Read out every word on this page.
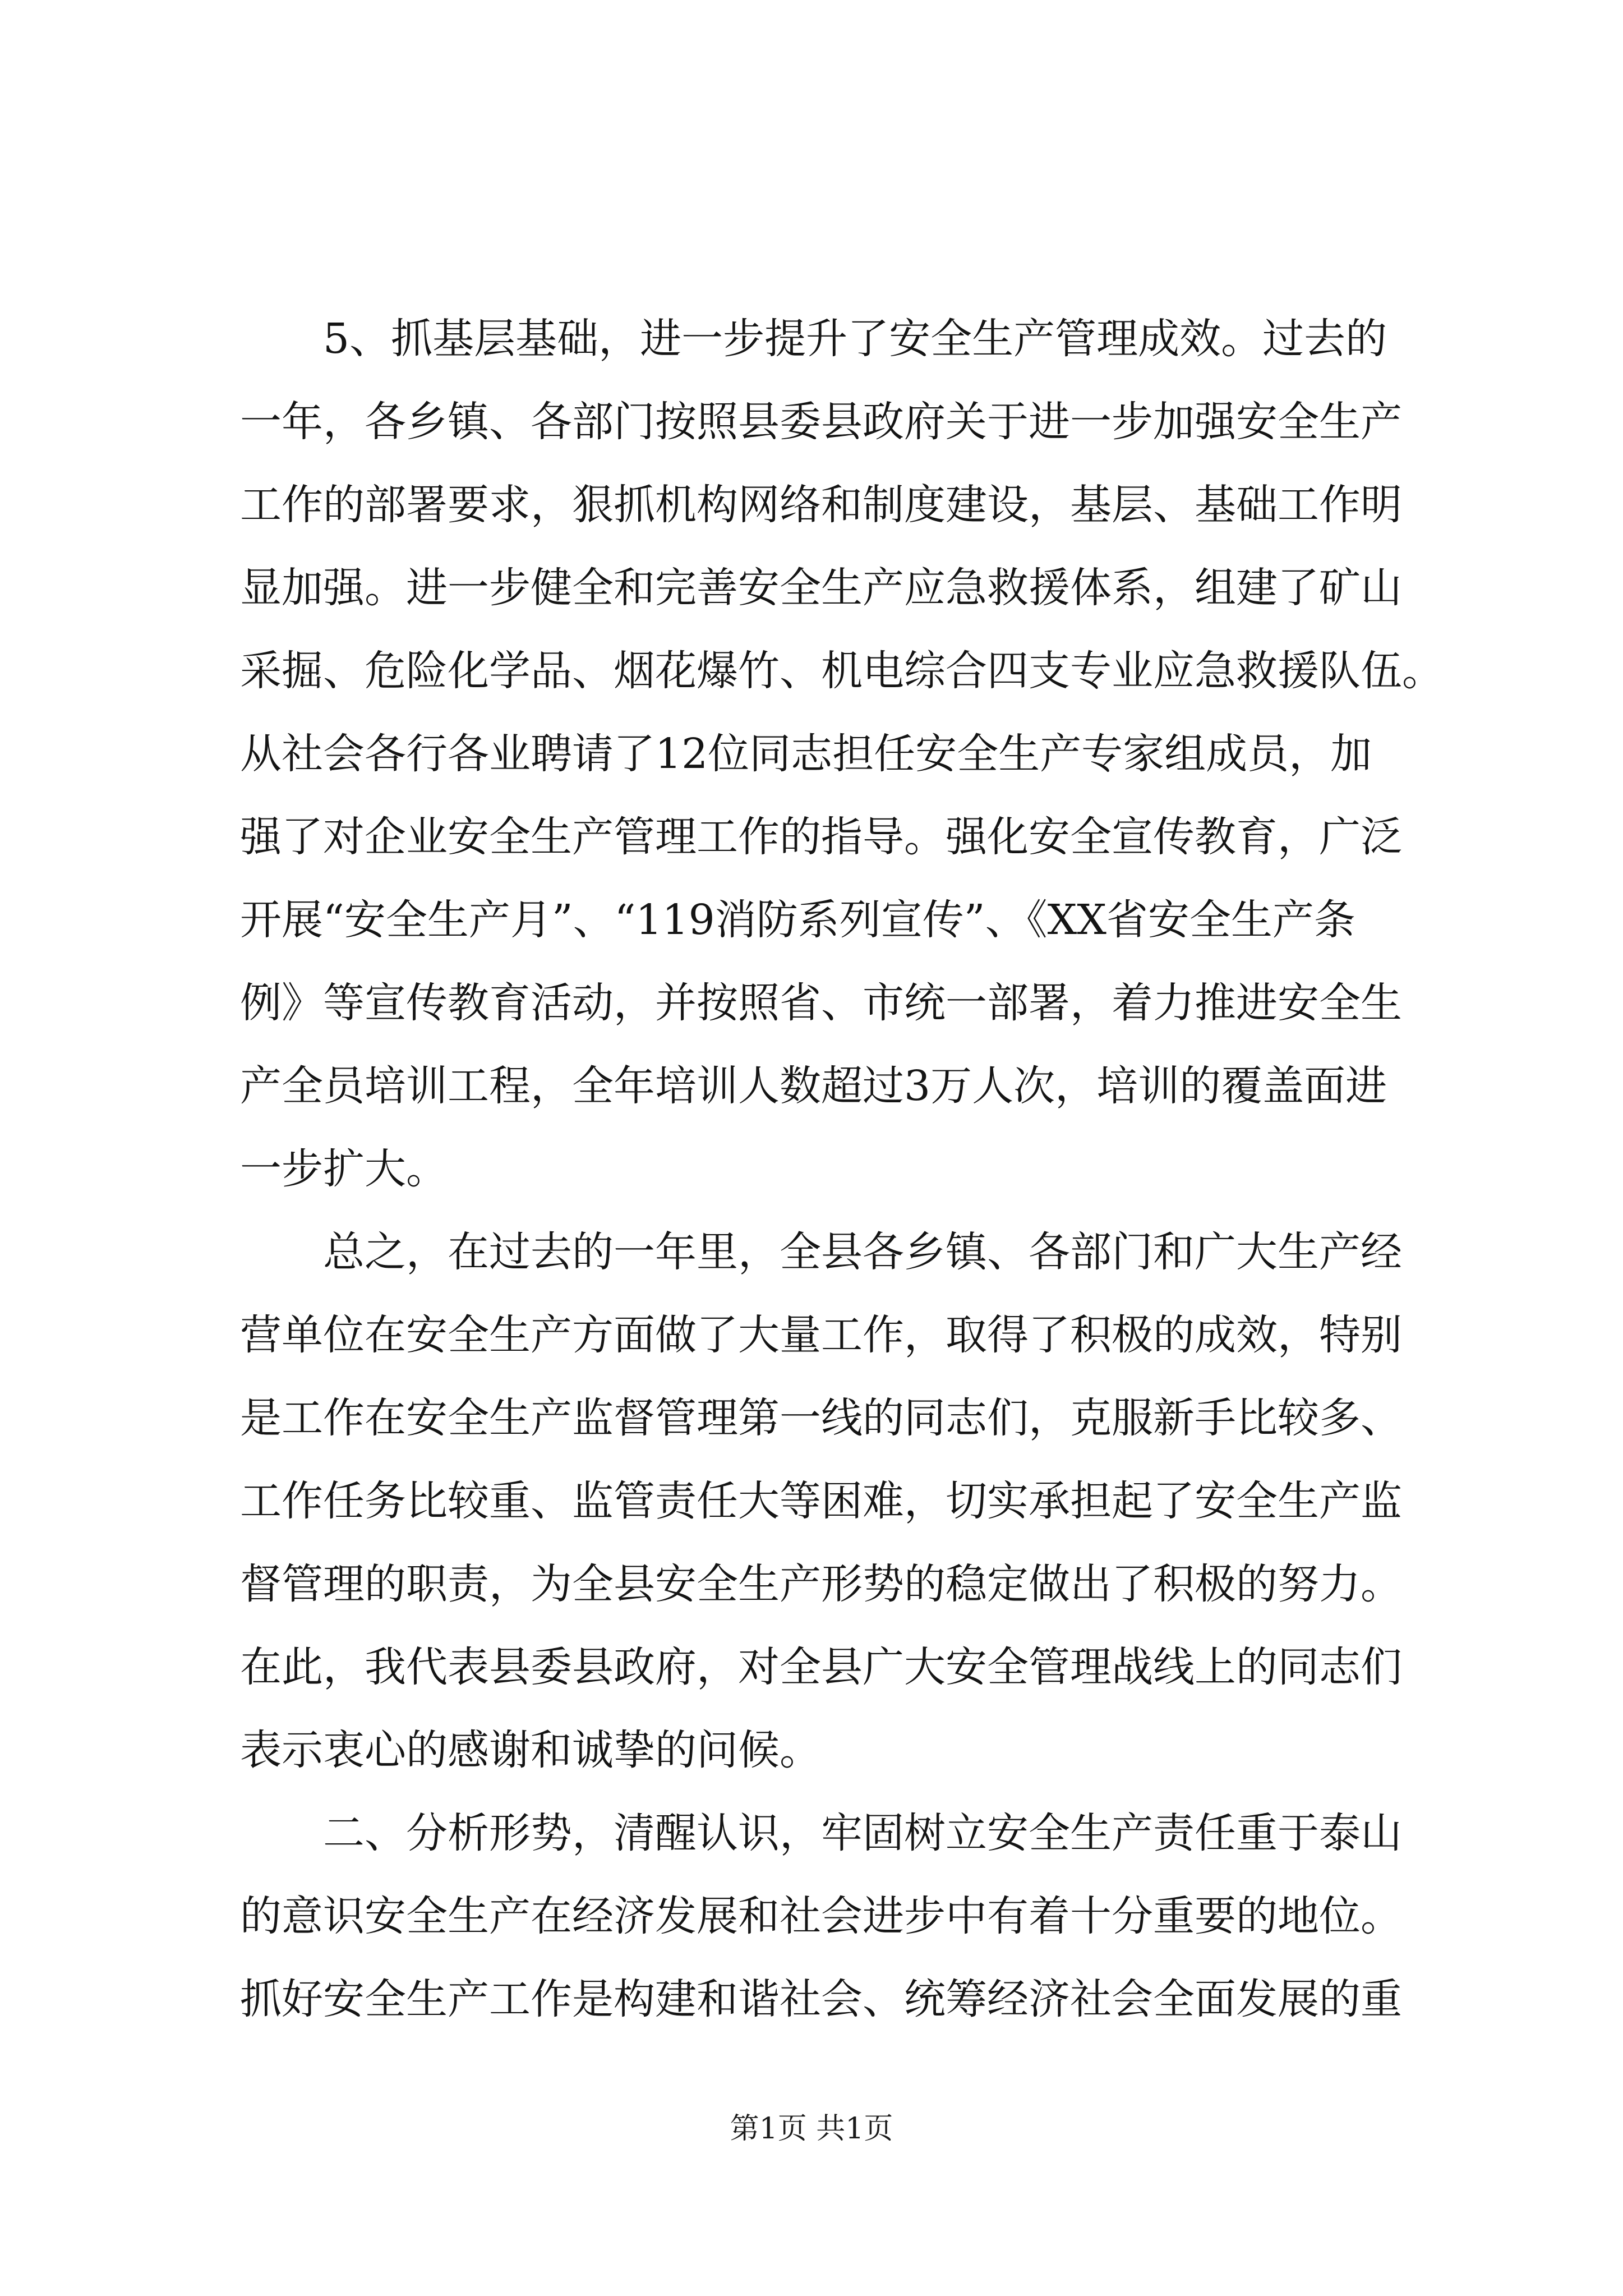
5、抓基层基础，进一步提升了安全生产管理成效。过去的
一年，各乡镇、各部门按照县委县政府关于进一步加强安全生产
工作的部署要求，狠抓机构网络和制度建设，基层、基础工作明
显加强。进一步健全和完善安全生产应急救援体系，组建了矿山
采掘、危险化学品、烟花爆竹、机电综合四支专业应急救援队伍。
从社会各行各业聘请了12位同志担任安全生产专家组成员，加
强了对企业安全生产管理工作的指导。强化安全宣传教育，广泛
开展“安全生产月”、“119消防系列宣传”、《XX省安全生产条
例》等宣传教育活动，并按照省、市统一部署，着力推进安全生
产全员培训工程，全年培训人数超过3万人次，培训的覆盖面进
一步扩大。
总之，在过去的一年里，全县各乡镇、各部门和广大生产经
营单位在安全生产方面做了大量工作，取得了积极的成效，特别
是工作在安全生产监督管理第一线的同志们，克服新手比较多、
工作任务比较重、监管责任大等困难，切实承担起了安全生产监
督管理的职责，为全县安全生产形势的稳定做出了积极的努力。
在此，我代表县委县政府，对全县广大安全管理战线上的同志们
表示衷心的感谢和诚挚的问候。
二、分析形势，清醒认识，牢固树立安全生产责任重于泰山
的意识安全生产在经济发展和社会进步中有着十分重要的地位。
抓好安全生产工作是构建和谐社会、统筹经济社会全面发展的重
第1页 共1页
